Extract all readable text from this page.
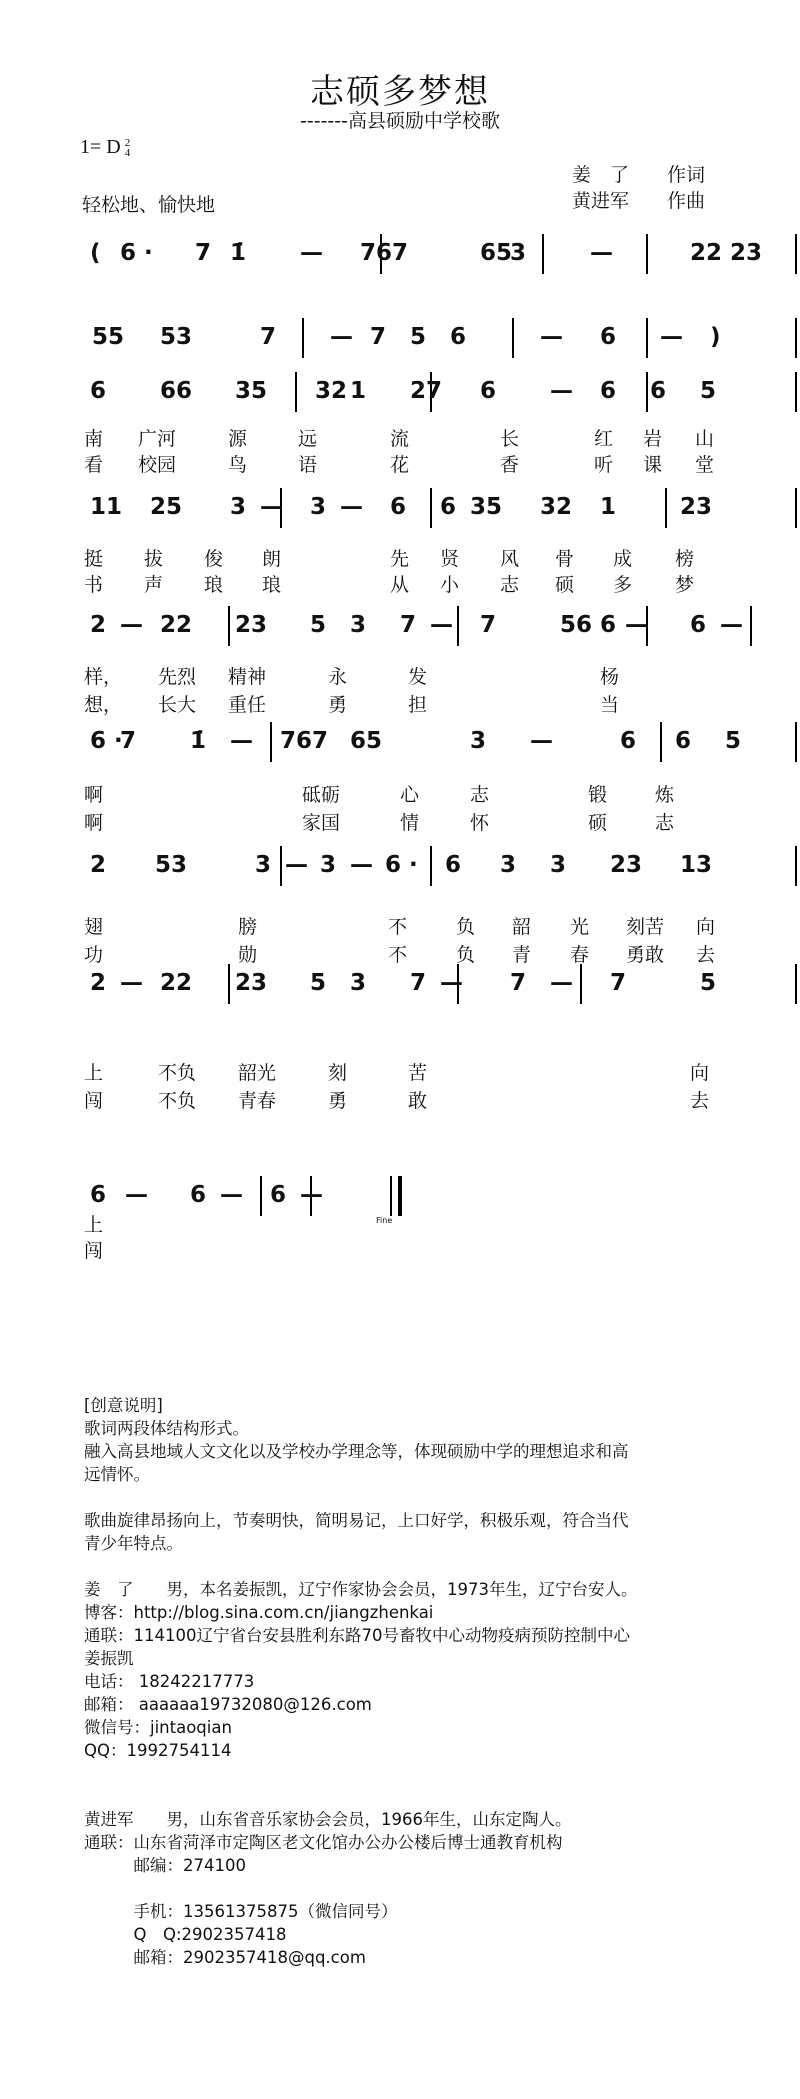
志硕多梦想
-------高县硕励中学校歌
1= D 2
4
姜　了　　作词
黄进军　　作曲
轻松地、愉快地
( 6 · 7 1̇ — 767	65
3	—	22 23
55 53	7 — 7 5 6	— 6 — )
6 66 35 32 1 27 6 — 6 6 5
11 25 3 — 3 — 6 6 35 32 1	23
2 — 22 23 5 3 7 — 7	56 6 — 6 —
6 ·
7 1̇ — 767 65	3 —	6 6 5
2 53	3 — 3 — 6 · 6 3 3 23 13
2 — 22 23 5 3 7 — 7 — 7	5
6 — 6 — 6 —
Fine
南 广河	源	远	流	长	红 岩 山
看 校园	鸟	语	花	香	听 课 堂
挺 拔 俊 朗	先 贤 风 骨 成 榜
书 声 琅 琅	从 小 志 硕 多 梦
样， 先烈 精神	永	发	杨
想， 长大 重任	勇	担	当
啊	砥砺	心	志	锻	炼
啊	家国	情	怀	硕	志
翅	膀	不	负 韶 光 刻苦 向
功	勋	不	负 青 春 勇敢 去
上	不负 韶光	刻	苦	向
闯	不负 青春	勇	敢	去
上
闯

[创意说明]

歌词两段体结构形式。

融入高县地域人文文化以及学校办学理念等，体现硕励中学的理想追求和高

远情怀。

歌曲旋律昂扬向上，节奏明快，简明易记，上口好学，积极乐观，符合当代

青少年特点。

姜　了　　男，本名姜振凯，辽宁作家协会会员，1973年生，辽宁台安人。

博客：http://blog.sina.com.cn/jiangzhenkai

通联：114100辽宁省台安县胜利东路70号畜牧中心动物疫病预防控制中心

姜振凯

电话： 18242217773

邮箱： aaaaaa19732080@126.com

微信号：jintaoqian

QQ：1992754114

黄进军　　男，山东省音乐家协会会员，1966年生，山东定陶人。

通联：山东省菏泽市定陶区老文化馆办公办公楼后博士通教育机构

　　　邮编：274100

　　　手机：13561375875（微信同号）

　　　Q　Q:2902357418

　　　邮箱：2902357418@qq.com
